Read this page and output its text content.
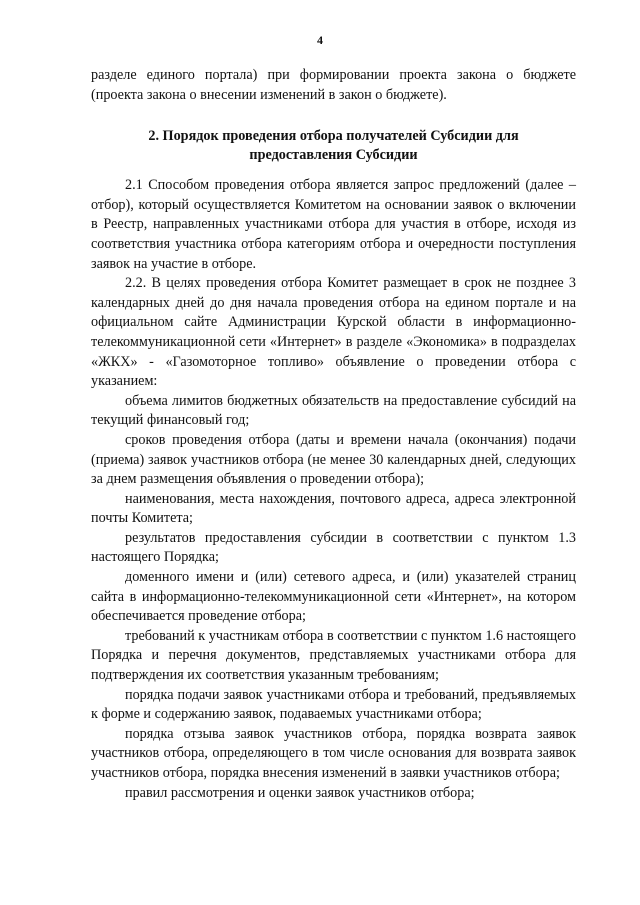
4

разделе единого портала) при формировании проекта закона о бюджете (проекта закона о внесении изменений в закон о бюджете).

2. Порядок проведения отбора получателей Субсидии для
предоставления Субсидии

2.1 Способом проведения отбора является запрос предложений (далее – отбор), который осуществляется Комитетом на основании заявок о включении в Реестр, направленных участниками отбора для участия в отборе, исходя из соответствия участника отбора категориям отбора и очередности поступления заявок на участие в отборе.

2.2. В целях проведения отбора Комитет размещает в срок не позднее 3 календарных дней до дня начала проведения отбора на едином портале и на официальном сайте Администрации Курской области в информационно-телекоммуникационной сети «Интернет» в разделе «Экономика» в подразделах «ЖКХ» - «Газомоторное топливо» объявление о проведении отбора с указанием:

объема лимитов бюджетных обязательств на предоставление субсидий на текущий финансовый год;

сроков проведения отбора (даты и времени начала (окончания) подачи (приема) заявок участников отбора (не менее 30 календарных дней, следующих за днем размещения объявления о проведении отбора);

наименования, места нахождения, почтового адреса, адреса электронной почты Комитета;

результатов предоставления субсидии в соответствии с пунктом 1.3 настоящего Порядка;

доменного имени и (или) сетевого адреса, и (или) указателей страниц сайта в информационно-телекоммуникационной сети «Интернет», на котором обеспечивается проведение отбора;

требований к участникам отбора в соответствии с пунктом 1.6 настоящего Порядка и перечня документов, представляемых участниками отбора для подтверждения их соответствия указанным требованиям;

порядка подачи заявок участниками отбора и требований, предъявляемых к форме и содержанию заявок, подаваемых участниками отбора;

порядка отзыва заявок участников отбора, порядка возврата заявок участников отбора, определяющего в том числе основания для возврата заявок участников отбора, порядка внесения изменений в заявки участников отбора;

правил рассмотрения и оценки заявок участников отбора;
